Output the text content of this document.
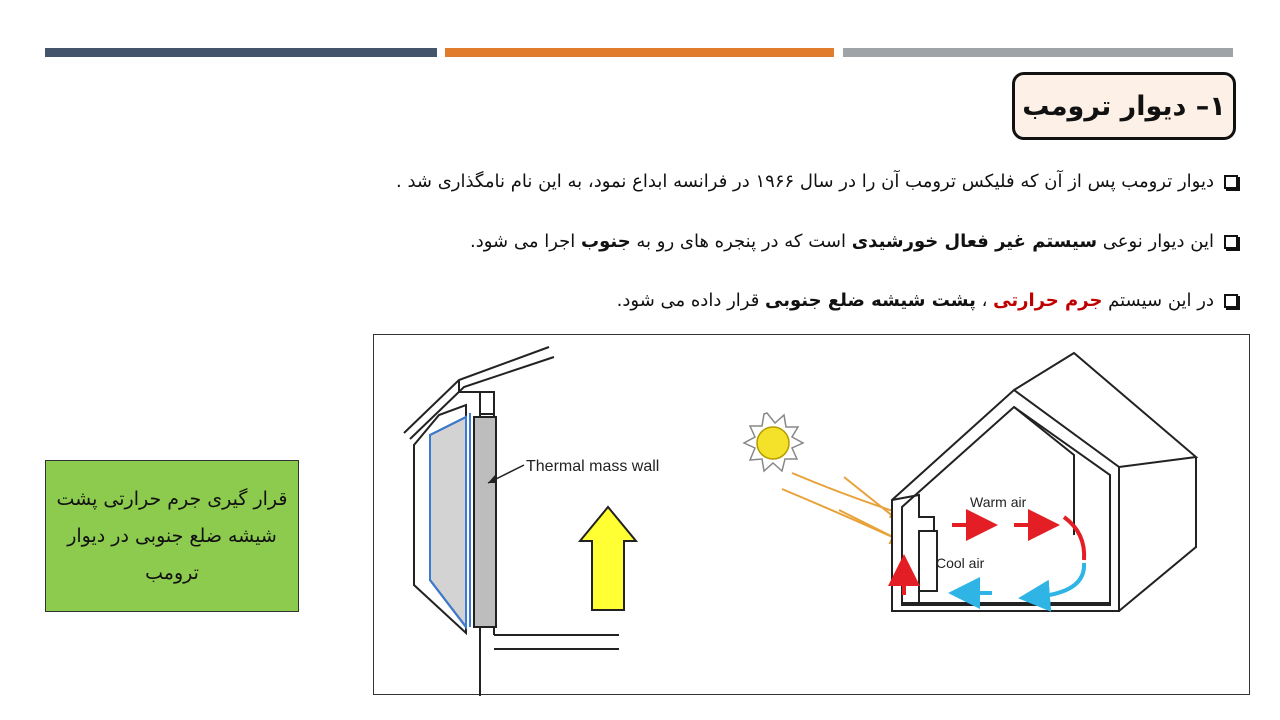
۱– دیوار ترومب
دیوار ترومب پس از آن که فلیکس ترومب آن را در سال ۱۹۶۶ در فرانسه ابداع نمود، به این نام نامگذاری شد .
این دیوار نوعی سیستم غیر فعال خورشیدی است که در پنجره های رو به جنوب اجرا می شود.
در این سیستم جرم حرارتی ، پشت شیشه ضلع جنوبی قرار داده می شود.
قرار گیری جرم حرارتی پشت شیشه ضلع جنوبی در دیوار ترومب
Thermal mass wall
Warm air
Cool air
